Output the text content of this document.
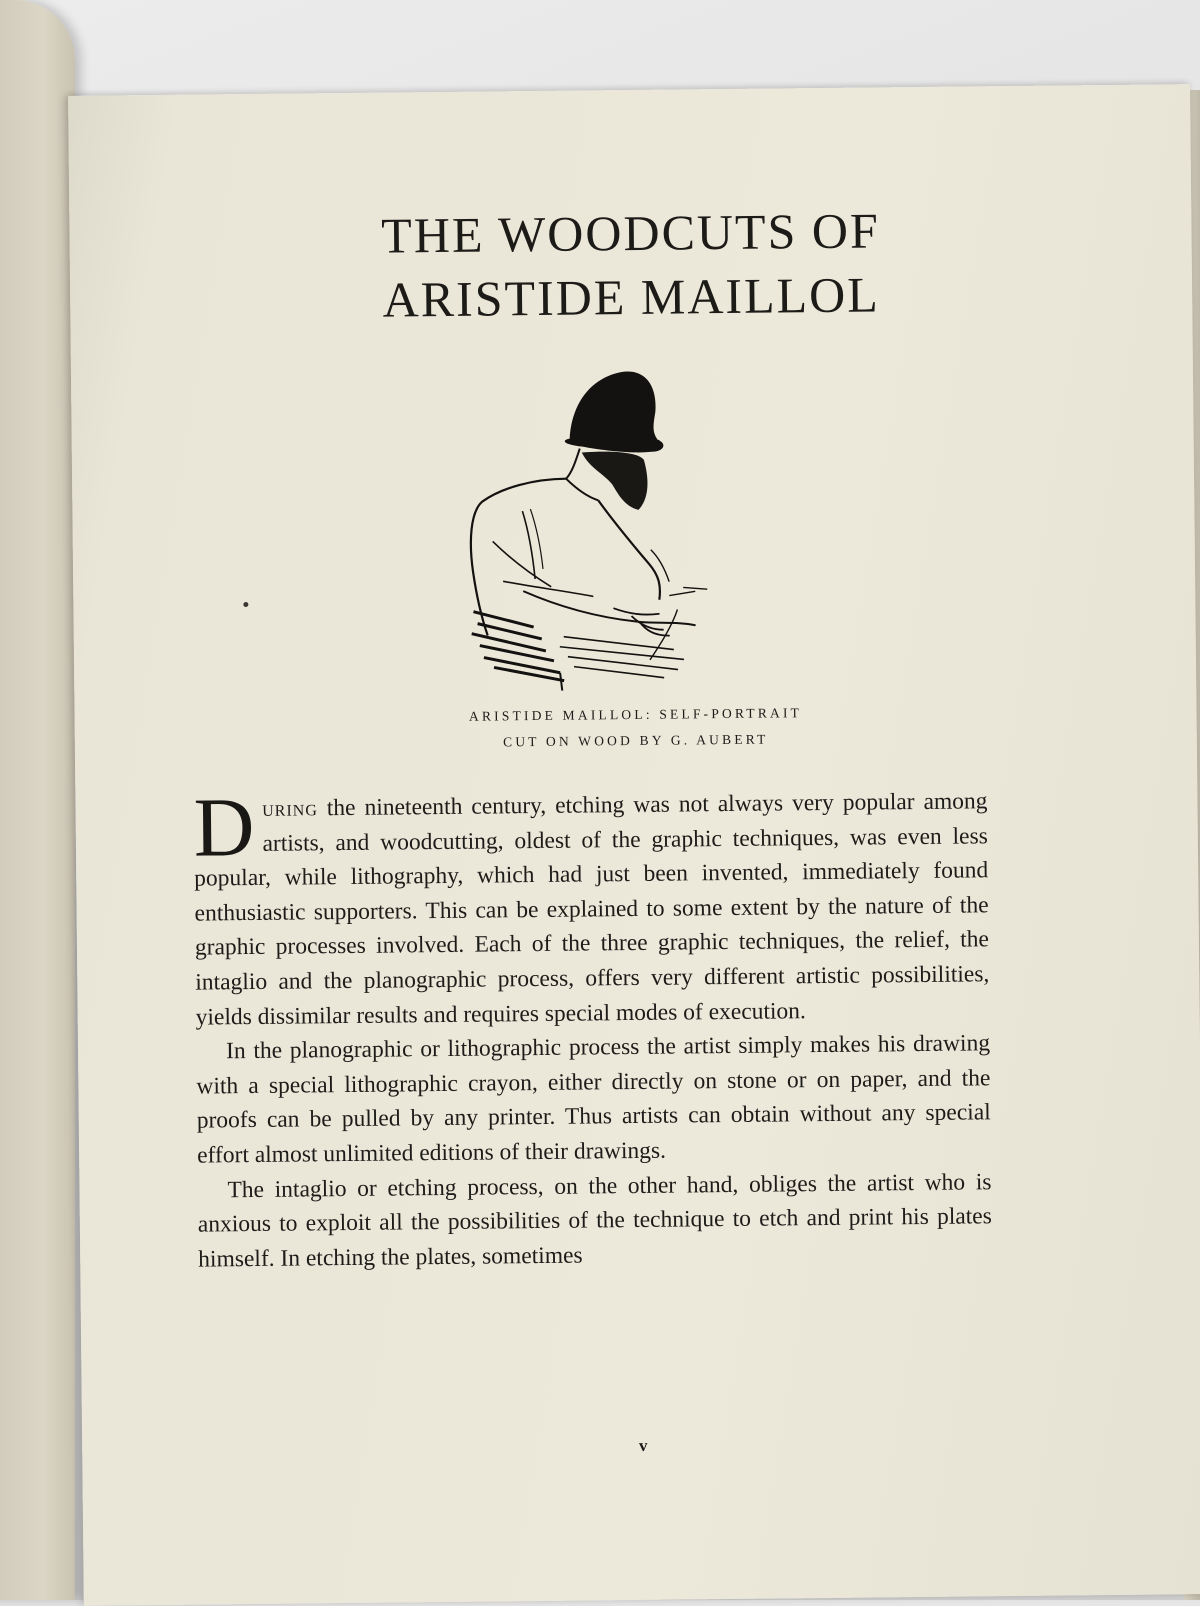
THE WOODCUTS OF
ARISTIDE MAILLOL
ARISTIDE MAILLOL: SELF-PORTRAIT
CUT ON WOOD BY G. AUBERT

During the nineteenth century, etching was not always very popular among artists, and woodcutting, oldest of the graphic techniques, was even less popular, while lithography, which had just been invented, immediately found enthusiastic supporters. This can be explained to some extent by the nature of the graphic processes involved. Each of the three graphic techniques, the relief, the intaglio and the planographic process, offers very different artistic possibilities, yields dissimilar results and requires special modes of execution.

In the planographic or lithographic process the artist simply makes his drawing with a special lithographic crayon, either directly on stone or on paper, and the proofs can be pulled by any printer. Thus artists can obtain without any special effort almost unlimited editions of their drawings.

The intaglio or etching process, on the other hand, obliges the artist who is anxious to exploit all the possibilities of the technique to etch and print his plates himself. In etching the plates, sometimes

v
